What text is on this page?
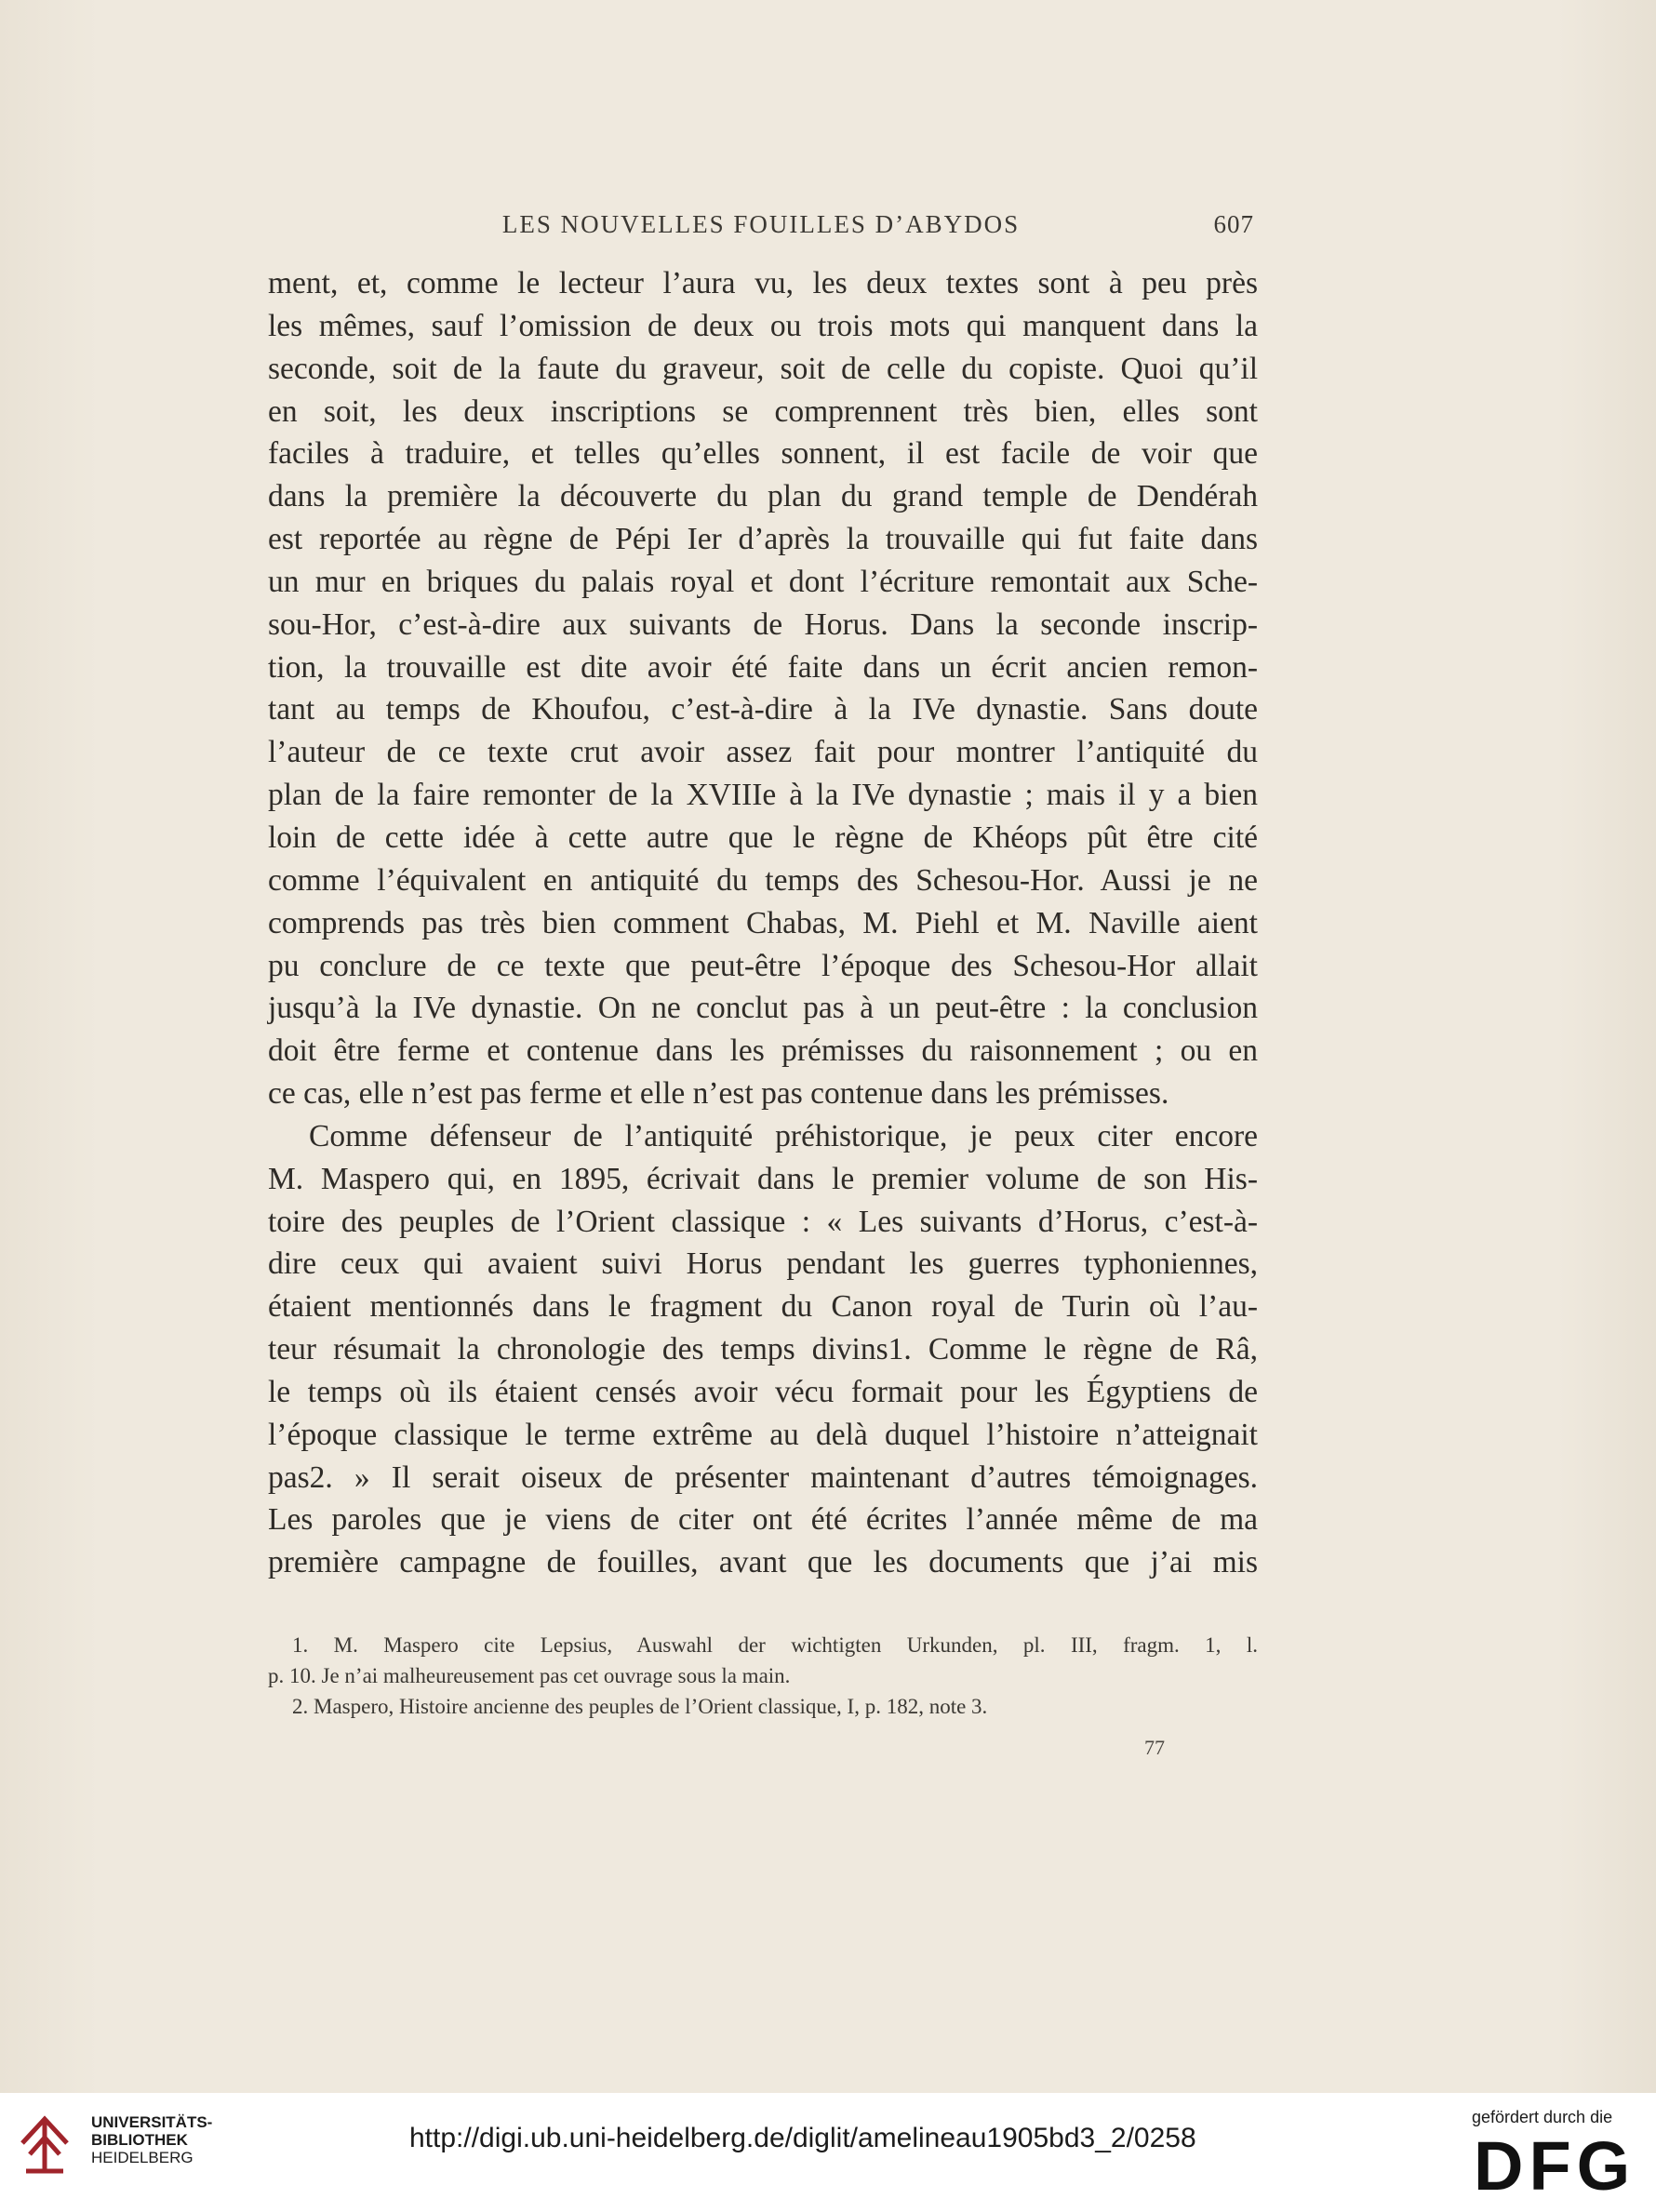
LES NOUVELLES FOUILLES D’ABYDOS	607
ment, et, comme le lecteur l’aura vu, les deux textes sont à peu près
les mêmes, sauf l’omission de deux ou trois mots qui manquent dans la
seconde, soit de la faute du graveur, soit de celle du copiste. Quoi qu’il
en soit, les deux inscriptions se comprennent très bien, elles sont
faciles à traduire, et telles qu’elles sonnent, il est facile de voir que
dans la première la découverte du plan du grand temple de Dendérah
est reportée au règne de Pépi Ier d’après la trouvaille qui fut faite dans
un mur en briques du palais royal et dont l’écriture remontait aux Sche-
sou-Hor, c’est-à-dire aux suivants de Horus. Dans la seconde inscrip-
tion, la trouvaille est dite avoir été faite dans un écrit ancien remon-
tant au temps de Khoufou, c’est-à-dire à la IVe dynastie. Sans doute
l’auteur de ce texte crut avoir assez fait pour montrer l’antiquité du
plan de la faire remonter de la XVIIIe à la IVe dynastie ; mais il y a bien
loin de cette idée à cette autre que le règne de Khéops pût être cité
comme l’équivalent en antiquité du temps des Schesou-Hor. Aussi je ne
comprends pas très bien comment Chabas, M. Piehl et M. Naville aient
pu conclure de ce texte que peut-être l’époque des Schesou-Hor allait
jusqu’à la IVe dynastie. On ne conclut pas à un peut-être : la conclusion
doit être ferme et contenue dans les prémisses du raisonnement ; ou en
ce cas, elle n’est pas ferme et elle n’est pas contenue dans les prémisses.
Comme défenseur de l’antiquité préhistorique, je peux citer encore
M. Maspero qui, en 1895, écrivait dans le premier volume de son His-
toire des peuples de l’Orient classique : « Les suivants d’Horus, c’est-à-
dire ceux qui avaient suivi Horus pendant les guerres typhoniennes,
étaient mentionnés dans le fragment du Canon royal de Turin où l’au-
teur résumait la chronologie des temps divins1. Comme le règne de Râ,
le temps où ils étaient censés avoir vécu formait pour les Égyptiens de
l’époque classique le terme extrême au delà duquel l’histoire n’atteignait
pas2. » Il serait oiseux de présenter maintenant d’autres témoignages.
Les paroles que je viens de citer ont été écrites l’année même de ma
première campagne de fouilles, avant que les documents que j’ai mis
1. M. Maspero cite Lepsius, Auswahl der wichtigten Urkunden, pl. III, fragm. 1, l.
p. 10. Je n’ai malheureusement pas cet ouvrage sous la main.
2. Maspero, Histoire ancienne des peuples de l’Orient classique, I, p. 182, note 3.
77
UNIVERSITÄTS-
BIBLIOTHEK
HEIDELBERG
http://digi.ub.uni-heidelberg.de/diglit/amelineau1905bd3_2/0258
gefördert durch die
DFG
